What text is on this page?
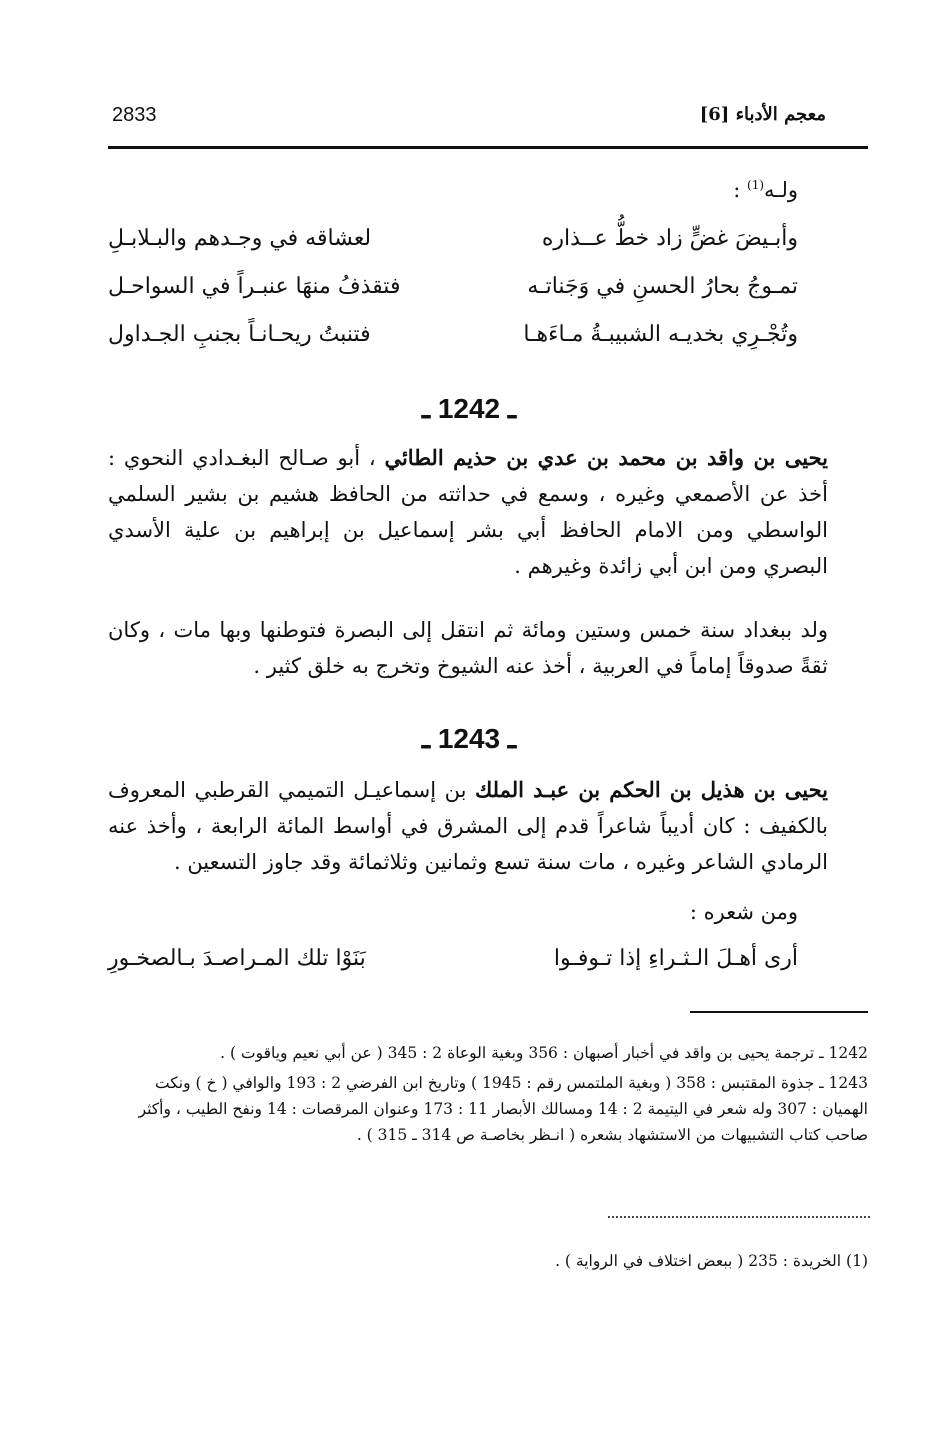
2833	معجم الأدباء [6]
ولـه$^{(1)}$ :
وأبـيضَ غضٍّ زاد خطُّ عــذاره
لعشاقه في وجـدهم والبـلابـلِ
تمـوجُ بحارُ الحسنِ في وَجَناتـه
فتقذفُ منهَا عنبـراً في السواحـل
وتُجْـرِي بخديـه الشبيبـةُ مـاءَهـا
فتنبتُ ريحـانـاً بجنبِ الجـداول
ـ 1242 ـ
يحيى بن واقد بن محمد بن عدي بن حذيم الطائي ، أبو صـالح البغـدادي النحوي : أخذ عن الأصمعي وغيره ، وسمع في حداثته من الحافظ هشيم بن بشير السلمي الواسطي ومن الامام الحافظ أبي بشر إسماعيل بن إبراهيم بن علية الأسدي البصري ومن ابن أبي زائدة وغيرهم .
ولد ببغداد سنة خمس وستين ومائة ثم انتقل إلى البصرة فتوطنها وبها مات ، وكان ثقةً صدوقاً إماماً في العربية ، أخذ عنه الشيوخ وتخرج به خلق كثير .
ـ 1243 ـ
يحيى بن هذيل بن الحكم بن عبـد الملك بن إسماعيـل التميمي القرطبي المعروف بالكفيف : كان أديباً شاعراً قدم إلى المشرق في أواسط المائة الرابعة ، وأخذ عنه الرمادي الشاعر وغيره ، مات سنة تسع وثمانين وثلاثمائة وقد جاوز التسعين .
ومن شعره :
أرى أهـلَ الـثـراءِ إذا تـوفـوا
بَنَوْا تلك المـراصـدَ بـالصخـورِ
1242 ـ ترجمة يحيى بن واقد في أخبار أصبهان : 356 وبغية الوعاة 2 : 345 ( عن أبي نعيم وياقوت ) .
1243 ـ جذوة المقتبس : 358 ( وبغية الملتمس رقم : 1945 ) وتاريخ ابن الفرضي 2 : 193 والوافي ( خ ) ونكت الهميان : 307 وله شعر في اليتيمة 2 : 14 ومسالك الأبصار 11 : 173 وعنوان المرقصات : 14 ونفح الطيب ، وأكثر صاحب كتاب التشبيهات من الاستشهاد بشعره ( انـظر بخاصـة ص 314 ـ 315 ) .
(1) الخريدة : 235 ( ببعض اختلاف في الرواية ) .
